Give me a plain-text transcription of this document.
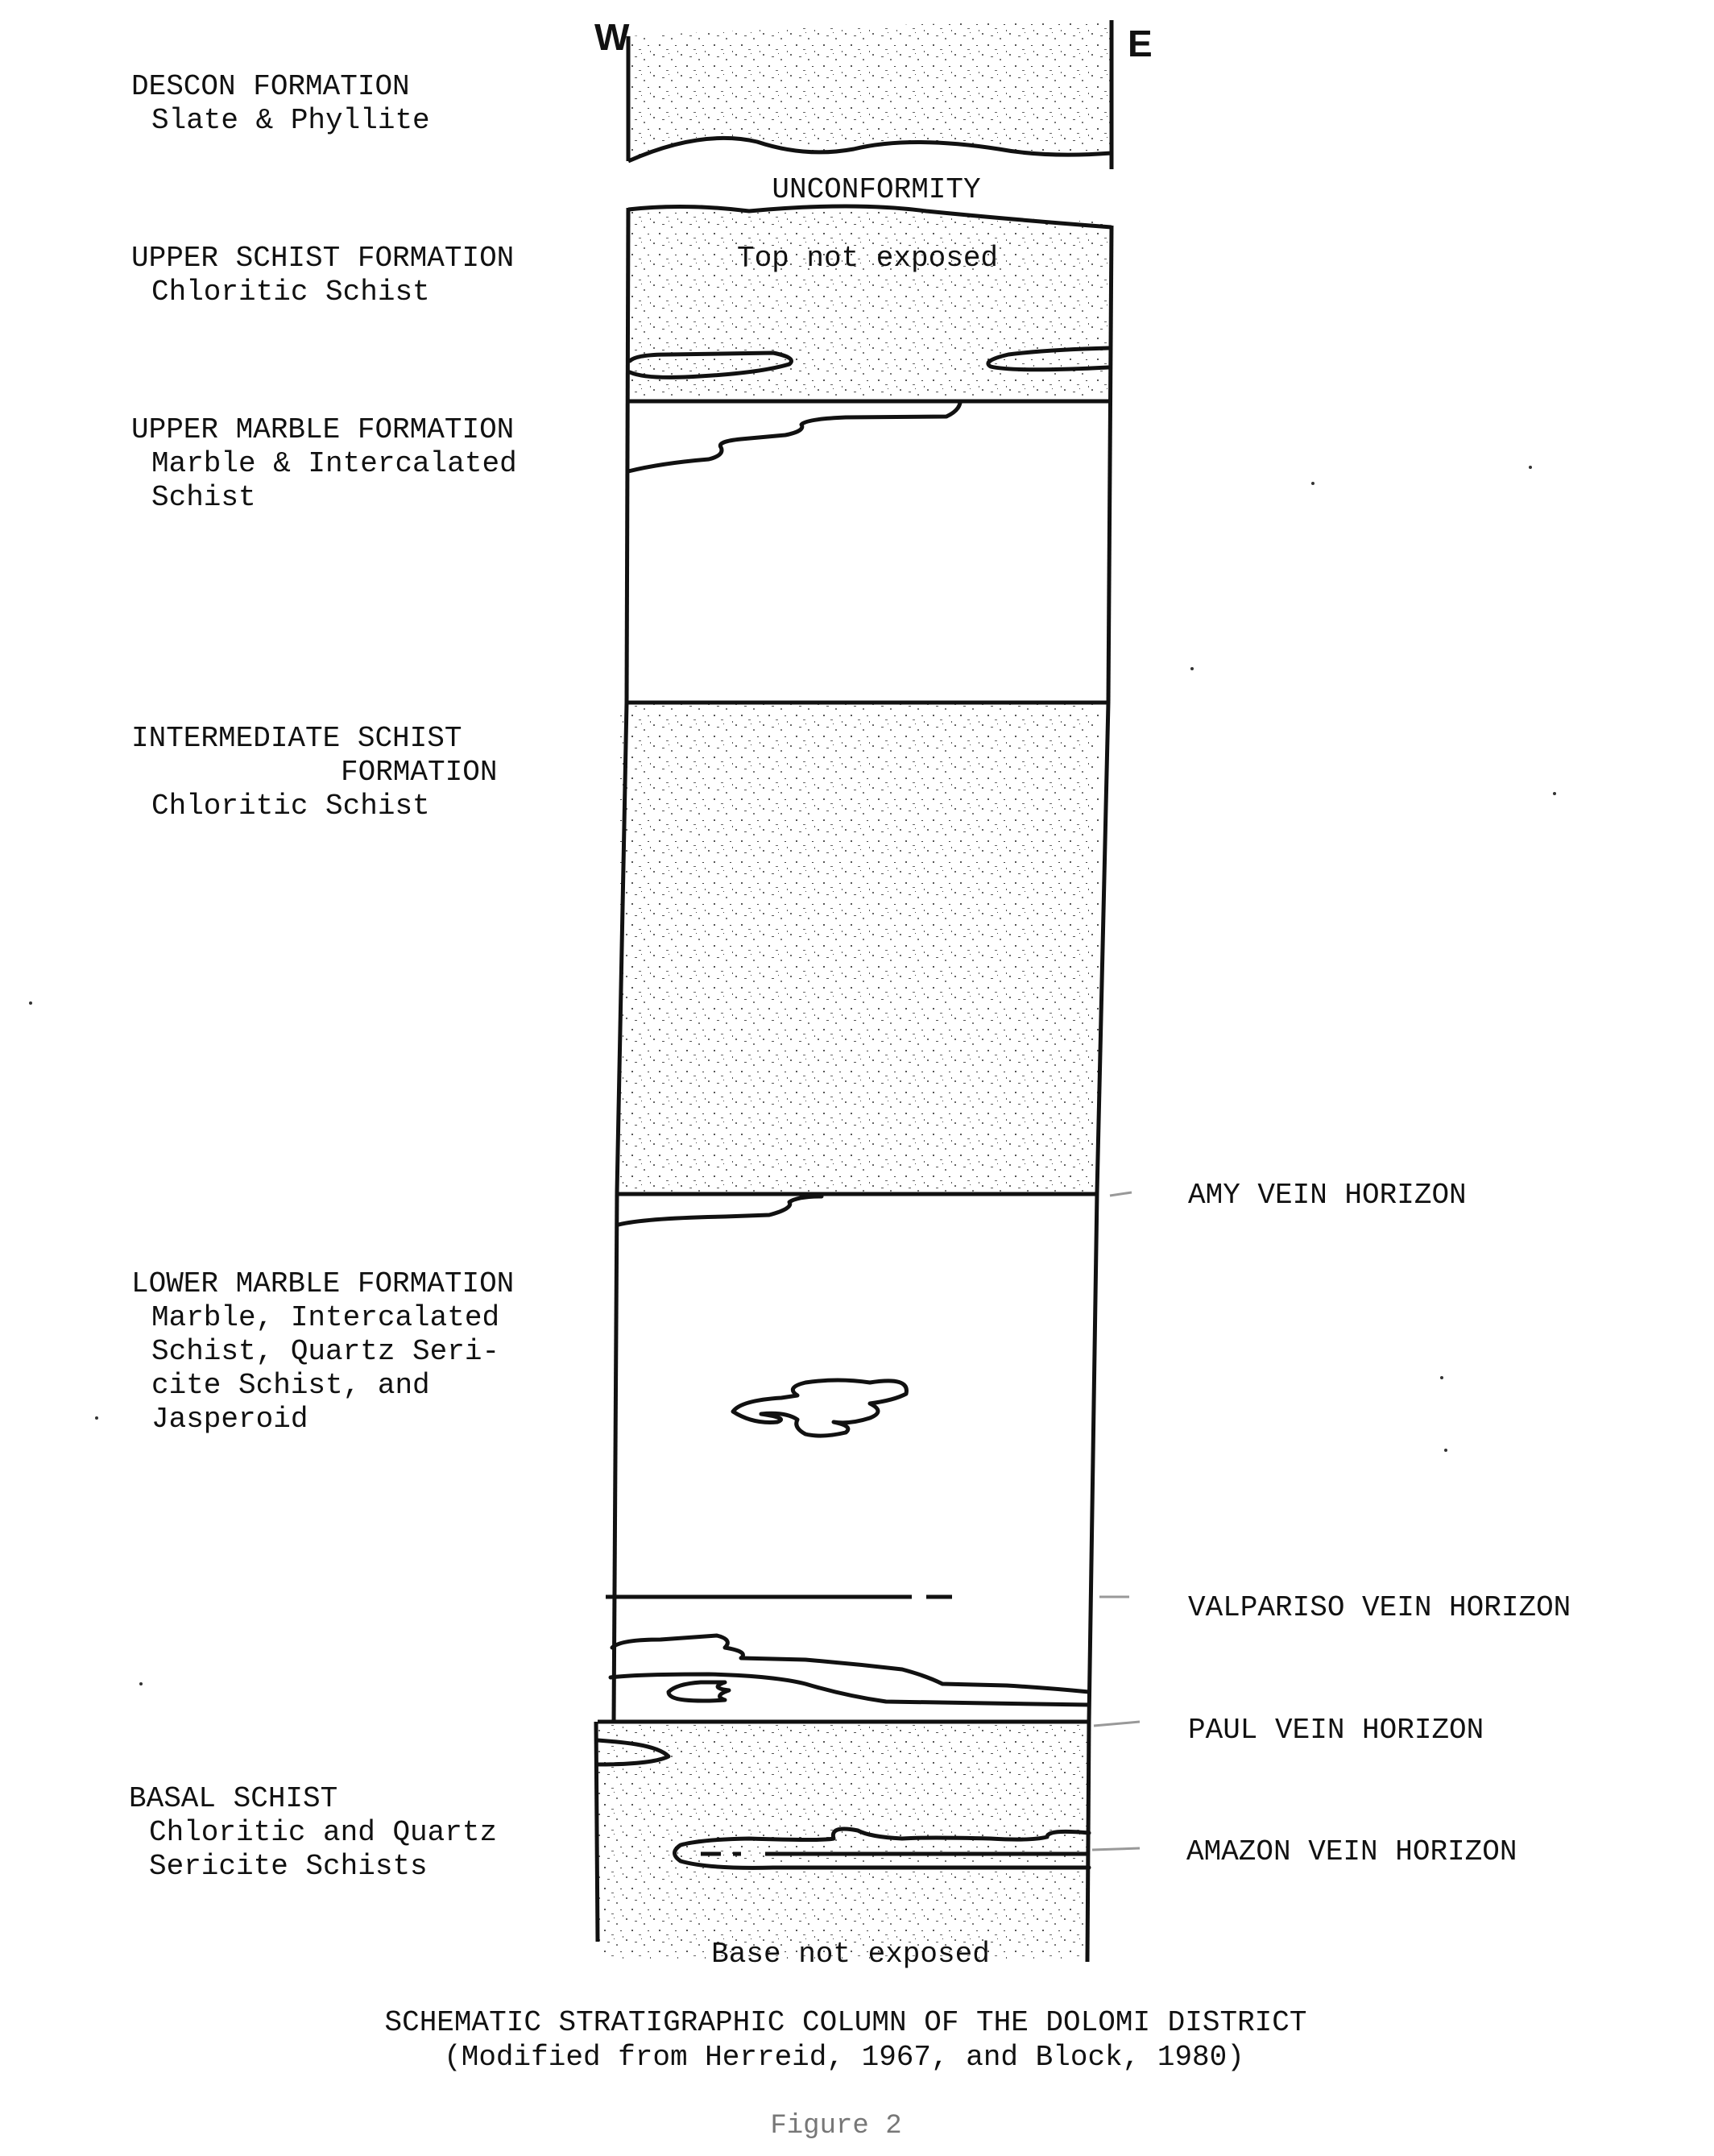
W	E
UNCONFORMITY
Top not exposed
Base not exposed
DESCON FORMATION
Slate & Phyllite
UPPER SCHIST FORMATION
Chloritic Schist
UPPER MARBLE FORMATION
Marble & Intercalated
Schist
INTERMEDIATE SCHIST
FORMATION
Chloritic Schist
LOWER MARBLE FORMATION
Marble, Intercalated
Schist, Quartz Seri-
cite Schist, and
Jasperoid
BASAL SCHIST
Chloritic and Quartz
Sericite Schists
AMY VEIN HORIZON
VALPARISO VEIN HORIZON
PAUL VEIN HORIZON
AMAZON VEIN HORIZON
SCHEMATIC STRATIGRAPHIC COLUMN OF THE DOLOMI DISTRICT
(Modified from Herreid, 1967, and Block, 1980)
Figure 2
